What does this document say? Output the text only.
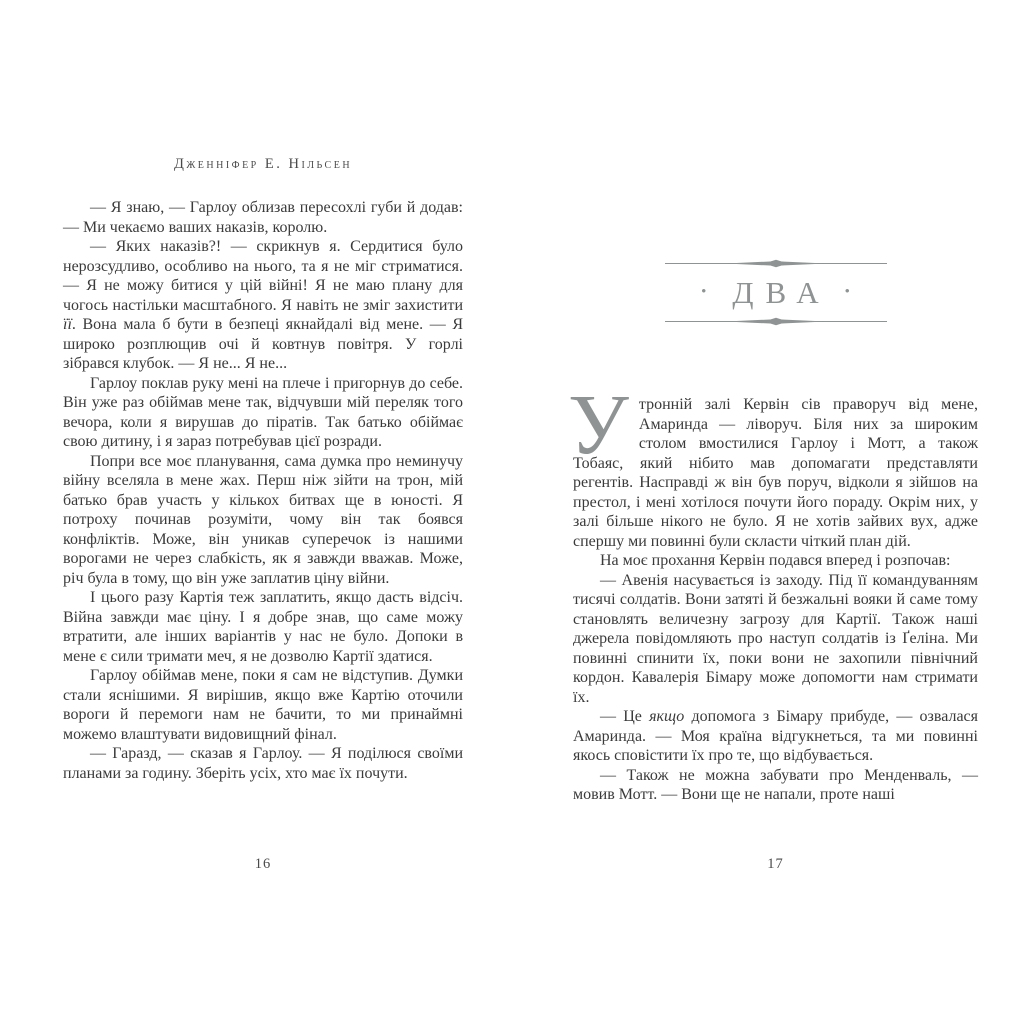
Дженніфер Е. Нільсен

— Я знаю, — Гарлоу облизав пересохлі губи й додав: — Ми чекаємо ваших наказів, королю.

— Яких наказів?! — скрикнув я. Сердитися було нерозсудливо, особливо на нього, та я не міг стриматися. — Я не можу битися у цій війні! Я не маю плану для чогось настільки масштабного. Я навіть не зміг захистити її. Вона мала б бути в безпеці якнайдалі від мене. — Я широко розплющив очі й ковтнув повітря. У горлі зібрався клубок. — Я не... Я не...

Гарлоу поклав руку мені на плече і пригорнув до себе. Він уже раз обіймав мене так, відчувши мій переляк того вечора, коли я вирушав до піратів. Так батько обіймає свою дитину, і я зараз потребував цієї розради.

Попри все моє планування, сама думка про неминучу війну вселяла в мене жах. Перш ніж зійти на трон, мій батько брав участь у кількох битвах ще в юності. Я потроху починав розуміти, чому він так боявся конфліктів. Може, він уникав суперечок із нашими ворогами не через слабкість, як я завжди вважав. Може, річ була в тому, що він уже заплатив ціну війни.

І цього разу Картія теж заплатить, якщо дасть відсіч. Війна завжди має ціну. І я добре знав, що саме можу втратити, але інших варіантів у нас не було. Допоки в мене є сили тримати меч, я не дозволю Картії здатися.

Гарлоу обіймав мене, поки я сам не відступив. Думки стали яснішими. Я вирішив, якщо вже Картію оточили вороги й перемоги нам не бачити, то ми принаймні можемо влаштувати видовищний фінал.

— Гаразд, — сказав я Гарлоу. — Я поділюся своїми планами за годину. Зберіть усіх, хто має їх почути.

16
• ДВА •

Утронній залі Кервін сів праворуч від мене, Амаринда — ліворуч. Біля них за широким столом вмостилися Гарлоу і Мотт, а також Тобаяс, який нібито мав допомагати представляти регентів. Насправді ж він був поруч, відколи я зійшов на престол, і мені хотілося почути його пораду. Окрім них, у залі більше нікого не було. Я не хотів зайвих вух, адже спершу ми повинні були скласти чіткий план дій.

На моє прохання Кервін подався вперед і розпочав:

— Авенія насувається із заходу. Під її командуванням тисячі солдатів. Вони затяті й безжальні вояки й саме тому становлять величезну загрозу для Картії. Також наші джерела повідомляють про наступ солдатів із Ґеліна. Ми повинні спинити їх, поки вони не захопили північний кордон. Кавалерія Бімару може допомогти нам стримати їх.

— Це якщо допомога з Бімару прибуде, — озвалася Амаринда. — Моя країна відгукнеться, та ми повинні якось сповістити їх про те, що відбувається.

— Також не можна забувати про Менденваль, — мовив Мотт. — Вони ще не напали, проте наші

17
